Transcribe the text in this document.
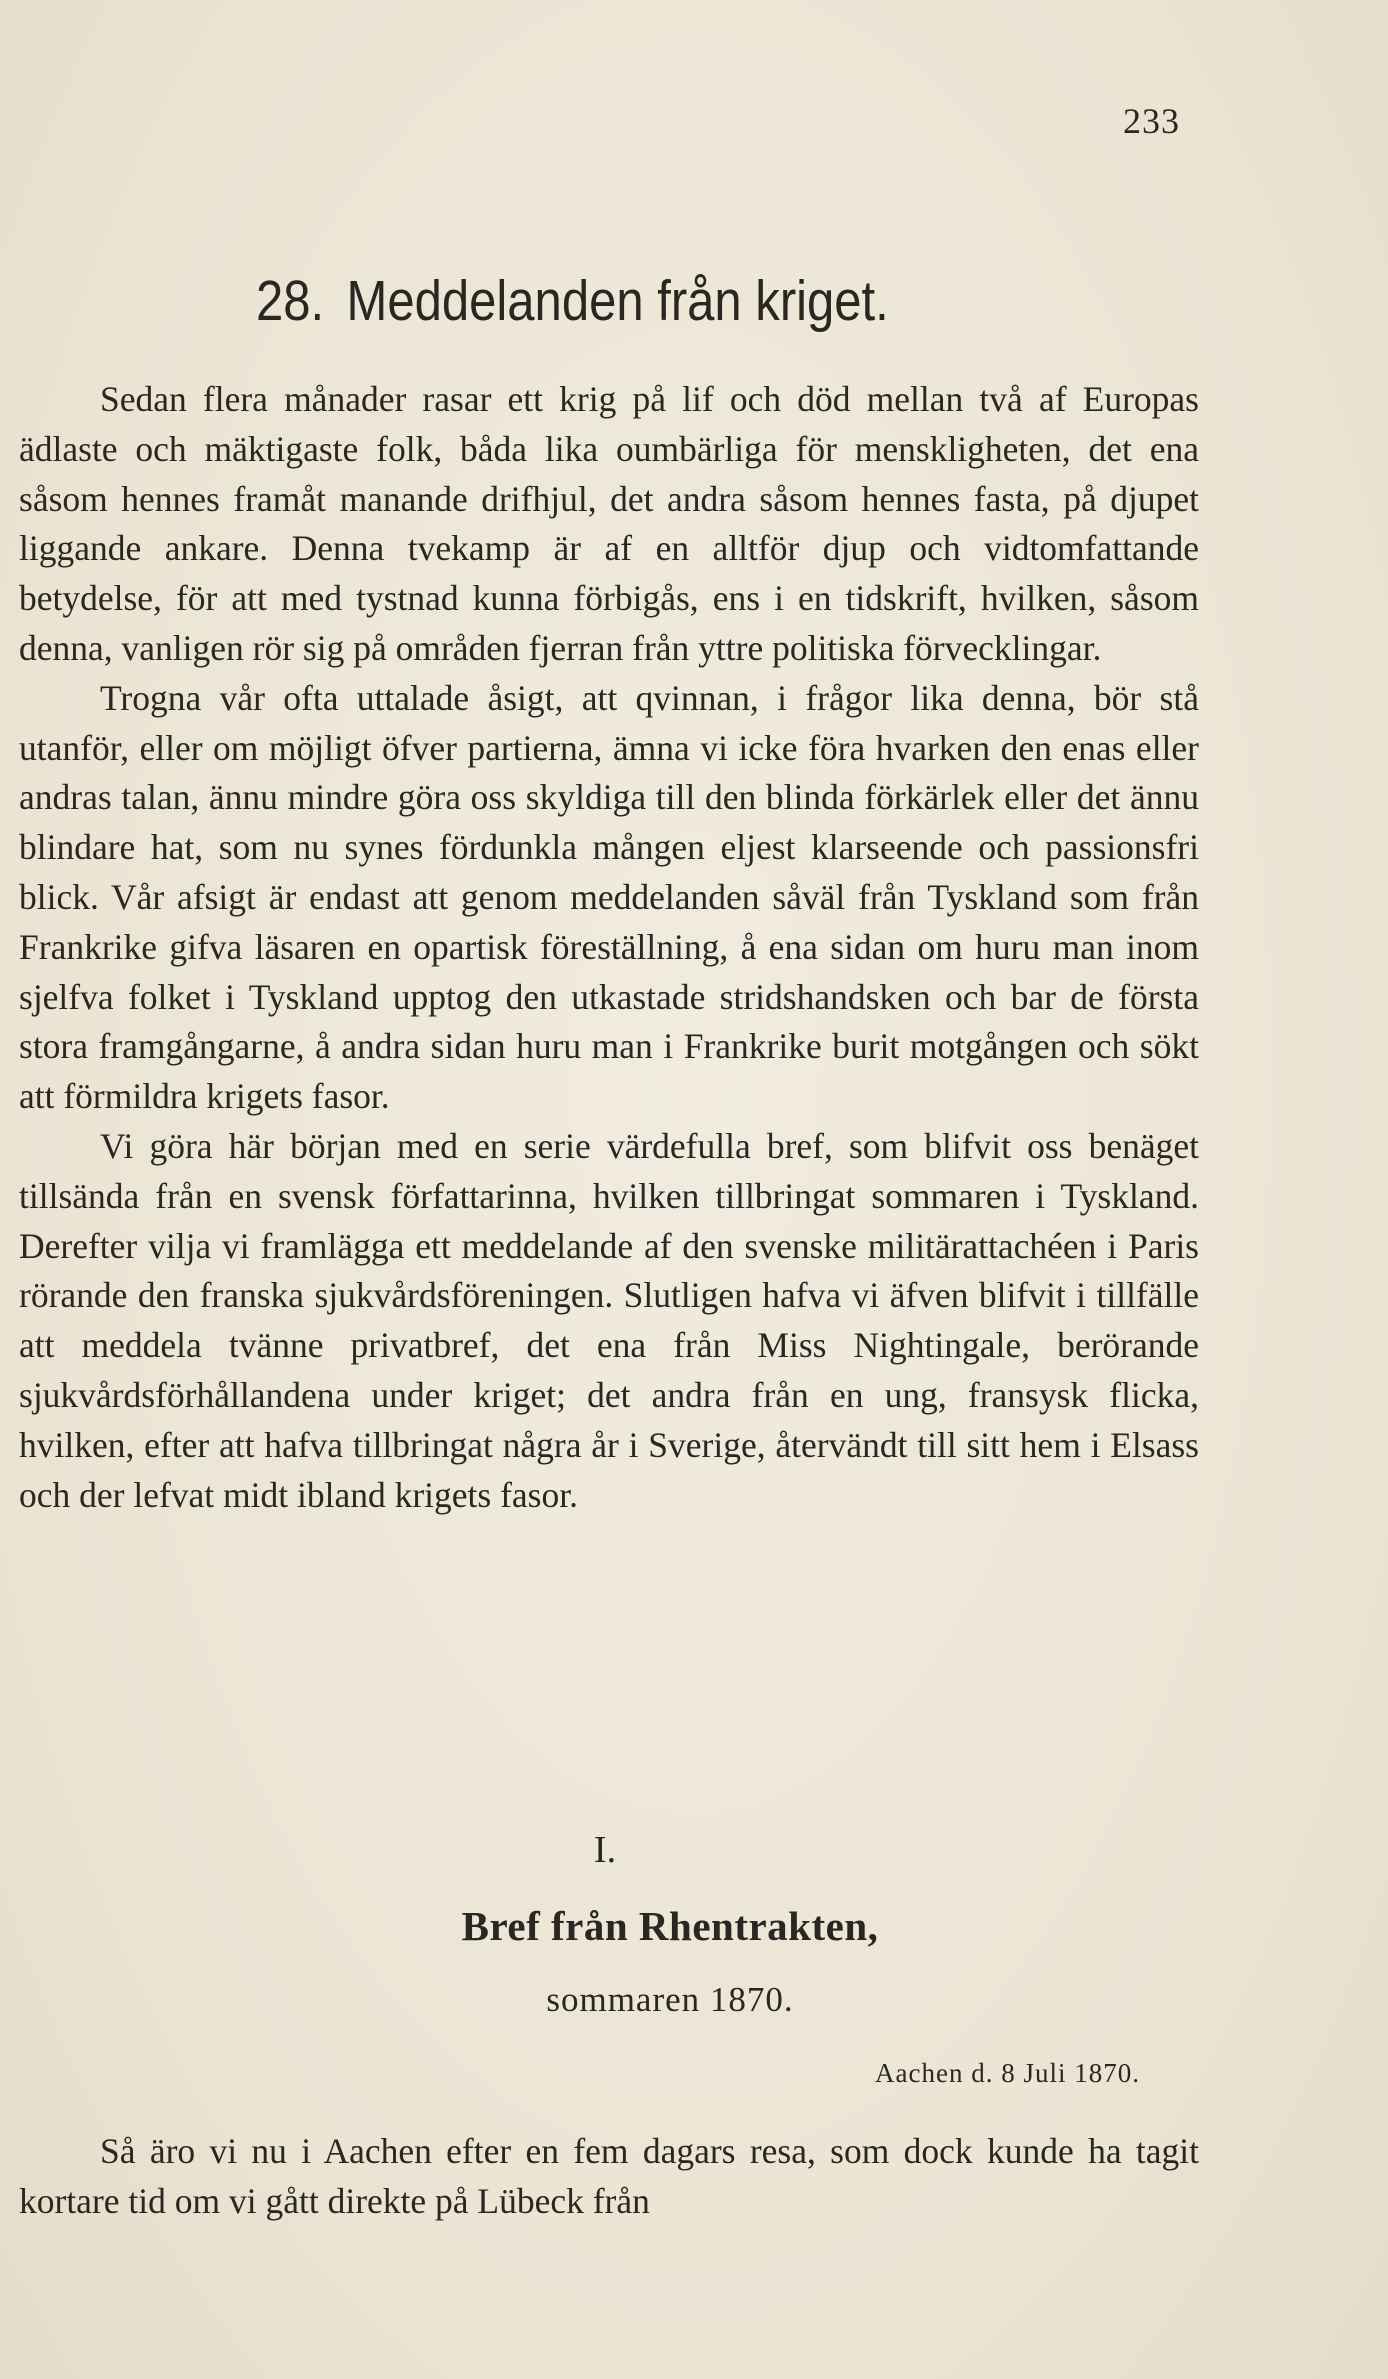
233
28. Meddelanden från kriget.

Sedan flera månader rasar ett krig på lif och död mellan två af Europas ädlaste och mäktigaste folk, båda lika oumbärliga för menskligheten, det ena såsom hennes framåt manande drifhjul, det andra såsom hennes fasta, på djupet liggande ankare. Denna tvekamp är af en alltför djup och vidtomfattande betydelse, för att med tystnad kunna förbigås, ens i en tidskrift, hvilken, såsom denna, vanligen rör sig på områden fjerran från yttre politiska förvecklingar.

Trogna vår ofta uttalade åsigt, att qvinnan, i frågor lika denna, bör stå utanför, eller om möjligt öfver partierna, ämna vi icke föra hvarken den enas eller andras talan, ännu mindre göra oss skyldiga till den blinda förkärlek eller det ännu blindare hat, som nu synes fördunkla mången eljest klarseende och passionsfri blick. Vår afsigt är endast att genom meddelanden såväl från Tyskland som från Frankrike gifva läsaren en opartisk föreställning, å ena sidan om huru man inom sjelfva folket i Tyskland upptog den utkastade stridshandsken och bar de första stora framgångarne, å andra sidan huru man i Frankrike burit motgången och sökt att förmildra krigets fasor.

Vi göra här början med en serie värdefulla bref, som blifvit oss benäget tillsända från en svensk författarinna, hvilken tillbringat sommaren i Tyskland. Derefter vilja vi framlägga ett meddelande af den svenske militärattachéen i Paris rörande den franska sjukvårdsföreningen. Slutligen hafva vi äfven blifvit i tillfälle att meddela tvänne privatbref, det ena från Miss Nightingale, berörande sjukvårdsförhållandena under kriget; det andra från en ung, fransysk flicka, hvilken, efter att hafva tillbringat några år i Sverige, återvändt till sitt hem i Elsass och der lefvat midt ibland krigets fasor.

I.
Bref från Rhentrakten,
sommaren 1870.
Aachen d. 8 Juli 1870.

Så äro vi nu i Aachen efter en fem dagars resa, som dock kunde ha tagit kortare tid om vi gått direkte på Lübeck från
